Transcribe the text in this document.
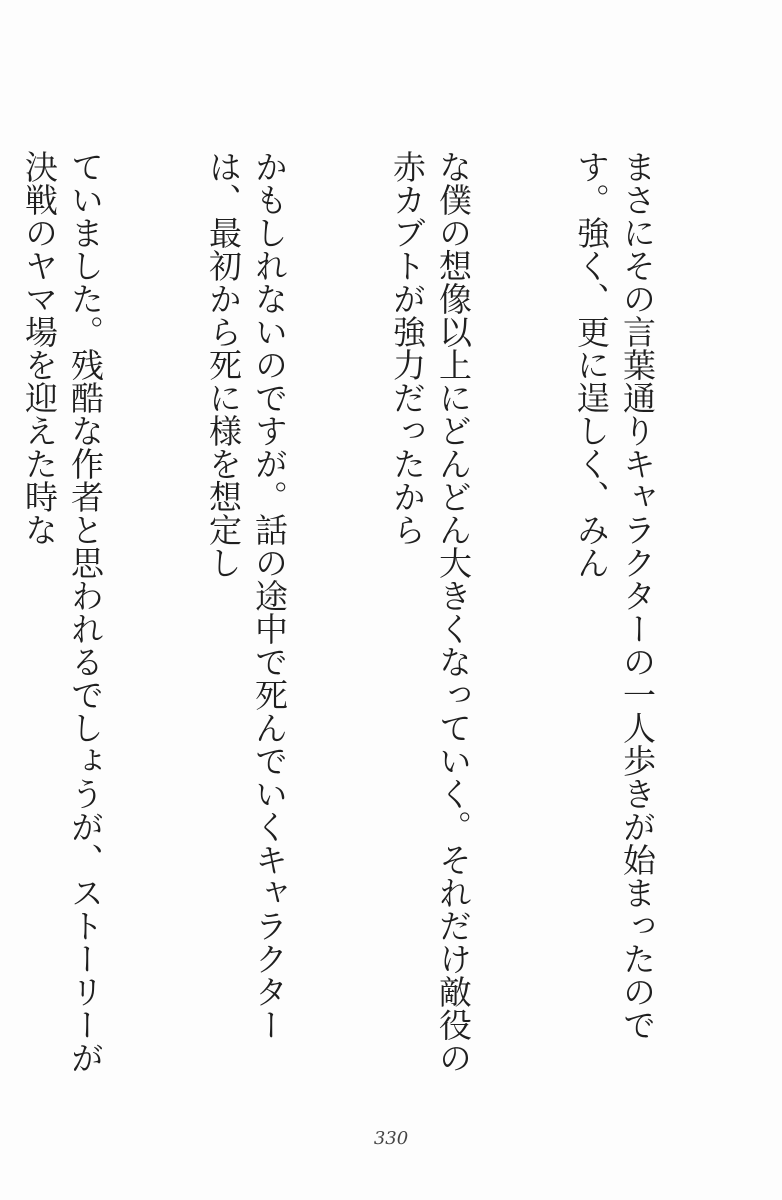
まさにその言葉通りキャラクターの一人歩きが始まったのです。強く、更に逞しく、みん

な僕の想像以上にどんどん大きくなっていく。それだけ敵役の赤カブトが強力だったから

かもしれないのですが。話の途中で死んでいくキャラクターは、最初から死に様を想定し

ていました。残酷な作者と思われるでしょうが、ストーリーが決戦のヤマ場を迎えた時な

330
